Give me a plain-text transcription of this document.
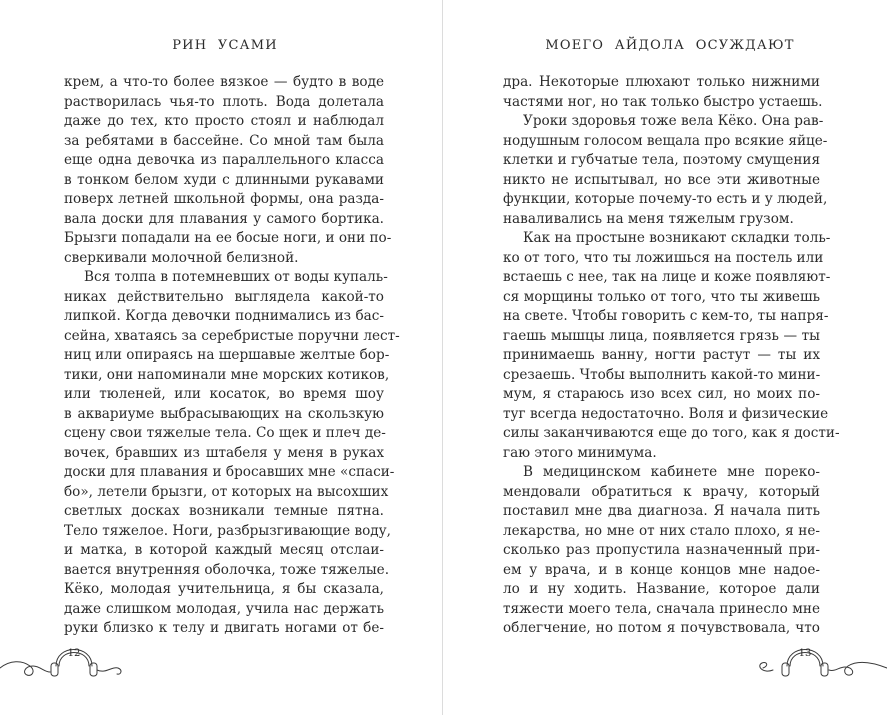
РИН  УСАМИ
крем, а что-то более вязкое — будто в воде
растворилась чья-то плоть. Вода долетала
даже до тех, кто просто стоял и наблюдал
за ребятами в бассейне. Со мной там была
еще одна девочка из параллельного класса
в тонком белом худи с длинными рукавами
поверх летней школьной формы, она разда-
вала доски для плавания у самого бортика.
Брызги попадали на ее босые ноги, и они по-
сверкивали молочной белизной.
Вся толпа в потемневших от воды купаль-
никах действительно выглядела какой-то
липкой. Когда девочки поднимались из бас-
сейна, хватаясь за серебристые поручни лест-
ниц или опираясь на шершавые желтые бор-
тики, они напоминали мне морских котиков,
или тюленей, или косаток, во время шоу
в аквариуме выбрасывающих на скользкую
сцену свои тяжелые тела. Со щек и плеч де-
вочек, бравших из штабеля у меня в руках
доски для плавания и бросавших мне «спаси-
бо», летели брызги, от которых на высохших
светлых досках возникали темные пятна.
Тело тяжелое. Ноги, разбрызгивающие воду,
и матка, в которой каждый месяц отслаи-
вается внутренняя оболочка, тоже тяжелые.
Кёко, молодая учительница, я бы сказала,
даже слишком молодая, учила нас держать
руки близко к телу и двигать ногами от бе-
12
МОЕГО  АЙДОЛА  ОСУЖДАЮТ
дра. Некоторые плюхают только нижними
частями ног, но так только быстро устаешь.
Уроки здоровья тоже вела Кёко. Она рав-
нодушным голосом вещала про всякие яйце-
клетки и губчатые тела, поэтому смущения
никто не испытывал, но все эти животные
функции, которые почему-то есть и у людей,
наваливались на меня тяжелым грузом.
Как на простыне возникают складки толь-
ко от того, что ты ложишься на постель или
встаешь с нее, так на лице и коже появляют-
ся морщины только от того, что ты живешь
на свете. Чтобы говорить с кем-то, ты напря-
гаешь мышцы лица, появляется грязь — ты
принимаешь ванну, ногти растут — ты их
срезаешь. Чтобы выполнить какой-то мини-
мум, я стараюсь изо всех сил, но моих по-
туг всегда недостаточно. Воля и физические
силы заканчиваются еще до того, как я дости-
гаю этого минимума.
В медицинском кабинете мне пореко-
мендовали обратиться к врачу, который
поставил мне два диагноза. Я начала пить
лекарства, но мне от них стало плохо, я не-
сколько раз пропустила назначенный при-
ем у врача, и в конце концов мне надое-
ло и ну ходить. Название, которое дали
тяжести моего тела, сначала принесло мне
облегчение, но потом я почувствовала, что
13
